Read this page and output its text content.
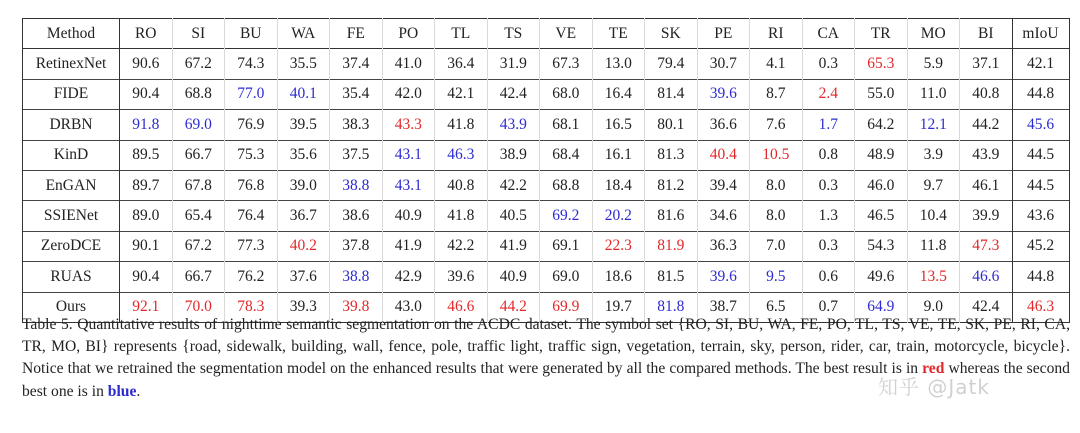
Method	RO	SI	BU	WA	FE	PO	TL	TS	VE	TE	SK	PE	RI	CA	TR	MO	BI	mIoU
RetinexNet	90.6	67.2	74.3	35.5	37.4	41.0	36.4	31.9	67.3	13.0	79.4	30.7	4.1	0.3	65.3	5.9	37.1	42.1
FIDE	90.4	68.8	77.0	40.1	35.4	42.0	42.1	42.4	68.0	16.4	81.4	39.6	8.7	2.4	55.0	11.0	40.8	44.8
DRBN	91.8	69.0	76.9	39.5	38.3	43.3	41.8	43.9	68.1	16.5	80.1	36.6	7.6	1.7	64.2	12.1	44.2	45.6
KinD	89.5	66.7	75.3	35.6	37.5	43.1	46.3	38.9	68.4	16.1	81.3	40.4	10.5	0.8	48.9	3.9	43.9	44.5
EnGAN	89.7	67.8	76.8	39.0	38.8	43.1	40.8	42.2	68.8	18.4	81.2	39.4	8.0	0.3	46.0	9.7	46.1	44.5
SSIENet	89.0	65.4	76.4	36.7	38.6	40.9	41.8	40.5	69.2	20.2	81.6	34.6	8.0	1.3	46.5	10.4	39.9	43.6
ZeroDCE	90.1	67.2	77.3	40.2	37.8	41.9	42.2	41.9	69.1	22.3	81.9	36.3	7.0	0.3	54.3	11.8	47.3	45.2
RUAS	90.4	66.7	76.2	37.6	38.8	42.9	39.6	40.9	69.0	18.6	81.5	39.6	9.5	0.6	49.6	13.5	46.6	44.8
Ours	92.1	70.0	78.3	39.3	39.8	43.0	46.6	44.2	69.9	19.7	81.8	38.7	6.5	0.7	64.9	9.0	42.4	46.3

Table 5. Quantitative results of nighttime semantic segmentation on the ACDC dataset. The symbol set {RO, SI, BU, WA, FE, PO, TL, TS, VE, TE, SK, PE, RI, CA, TR, MO, BI} represents {road, sidewalk, building, wall, fence, pole, traffic light, traffic sign, vegetation, terrain, sky, person, rider, car, train, motorcycle, bicycle}. Notice that we retrained the segmentation model on the enhanced results that were generated by all the compared methods. The best result is in red whereas the second best one is in blue.	知乎 @Jatk
